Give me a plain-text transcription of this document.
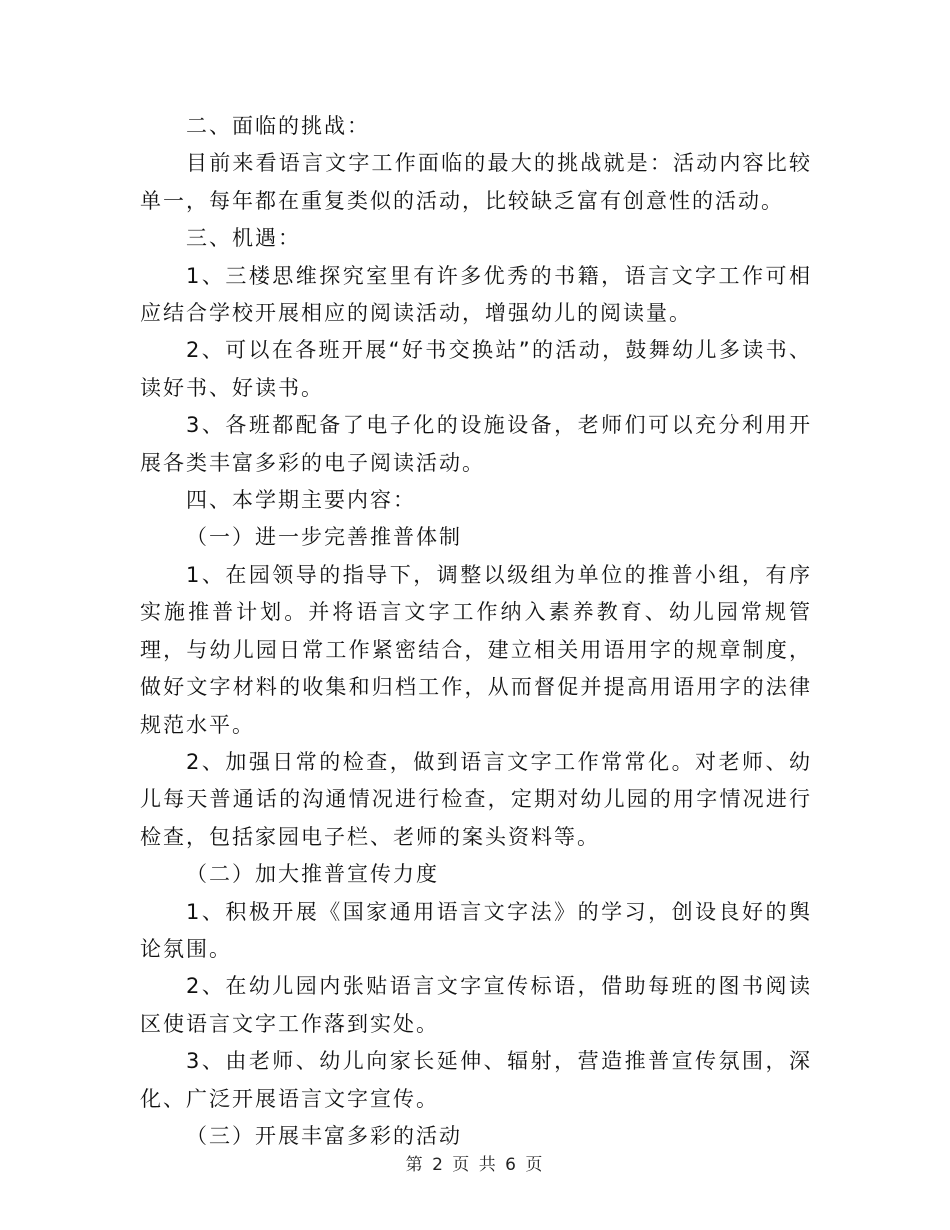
二、面临的挑战：

目前来看语言文字工作面临的最大的挑战就是：活动内容比较单一，每年都在重复类似的活动，比较缺乏富有创意性的活动。

三、机遇：

1、三楼思维探究室里有许多优秀的书籍，语言文字工作可相应结合学校开展相应的阅读活动，增强幼儿的阅读量。

2、可以在各班开展“好书交换站”的活动，鼓舞幼儿多读书、读好书、好读书。

3、各班都配备了电子化的设施设备，老师们可以充分利用开展各类丰富多彩的电子阅读活动。

四、本学期主要内容：

（一）进一步完善推普体制

1、在园领导的指导下，调整以级组为单位的推普小组，有序实施推普计划。并将语言文字工作纳入素养教育、幼儿园常规管理，与幼儿园日常工作紧密结合，建立相关用语用字的规章制度，做好文字材料的收集和归档工作，从而督促并提高用语用字的法律规范水平。

2、加强日常的检查，做到语言文字工作常常化。对老师、幼儿每天普通话的沟通情况进行检查，定期对幼儿园的用字情况进行检查，包括家园电子栏、老师的案头资料等。

（二）加大推普宣传力度

1、积极开展《国家通用语言文字法》的学习，创设良好的舆论氛围。

2、在幼儿园内张贴语言文字宣传标语，借助每班的图书阅读区使语言文字工作落到实处。

3、由老师、幼儿向家长延伸、辐射，营造推普宣传氛围，深化、广泛开展语言文字宣传。

（三）开展丰富多彩的活动

第 2 页 共 6 页
